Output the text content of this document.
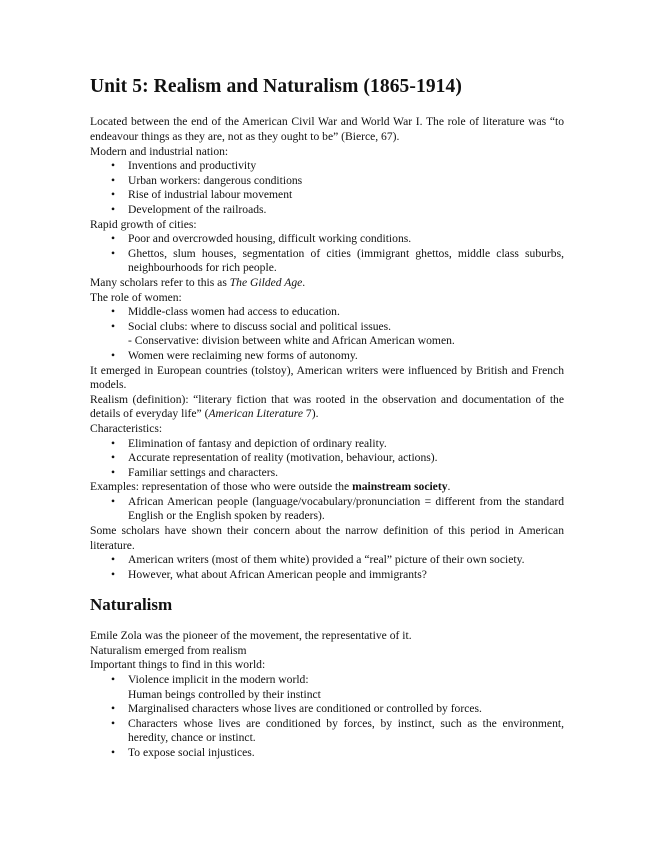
Unit 5: Realism and Naturalism (1865-1914)

Located between the end of the American Civil War and World War I. The role of literature was “to endeavour things as they are, not as they ought to be” (Bierce, 67).

Modern and industrial nation:

• Inventions and productivity
• Urban workers: dangerous conditions
• Rise of industrial labour movement
• Development of the railroads.

Rapid growth of cities:

• Poor and overcrowded housing, difficult working conditions.
• Ghettos, slum houses, segmentation of cities (immigrant ghettos, middle class suburbs, neighbourhoods for rich people.

Many scholars refer to this as The Gilded Age.

The role of women:

• Middle-class women had access to education.
• Social clubs: where to discuss social and political issues.
- Conservative: division between white and African American women.
• Women were reclaiming new forms of autonomy.

It emerged in European countries (tolstoy), American writers were influenced by British and French models.

Realism (definition): “literary fiction that was rooted in the observation and documentation of the details of everyday life” (American Literature 7).

Characteristics:

• Elimination of fantasy and depiction of ordinary reality.
• Accurate representation of reality (motivation, behaviour, actions).
• Familiar settings and characters.

Examples: representation of those who were outside the mainstream society.

• African American people (language/vocabulary/pronunciation = different from the standard English or the English spoken by readers).

Some scholars have shown their concern about the narrow definition of this period in American literature.

• American writers (most of them white) provided a “real” picture of their own society.
• However, what about African American people and immigrants?
Naturalism

Emile Zola was the pioneer of the movement, the representative of it.

Naturalism emerged from realism

Important things to find in this world:

• Violence implicit in the modern world:
Human beings controlled by their instinct
• Marginalised characters whose lives are conditioned or controlled by forces.
• Characters whose lives are conditioned by forces, by instinct, such as the environment, heredity, chance or instinct.
• To expose social injustices.
